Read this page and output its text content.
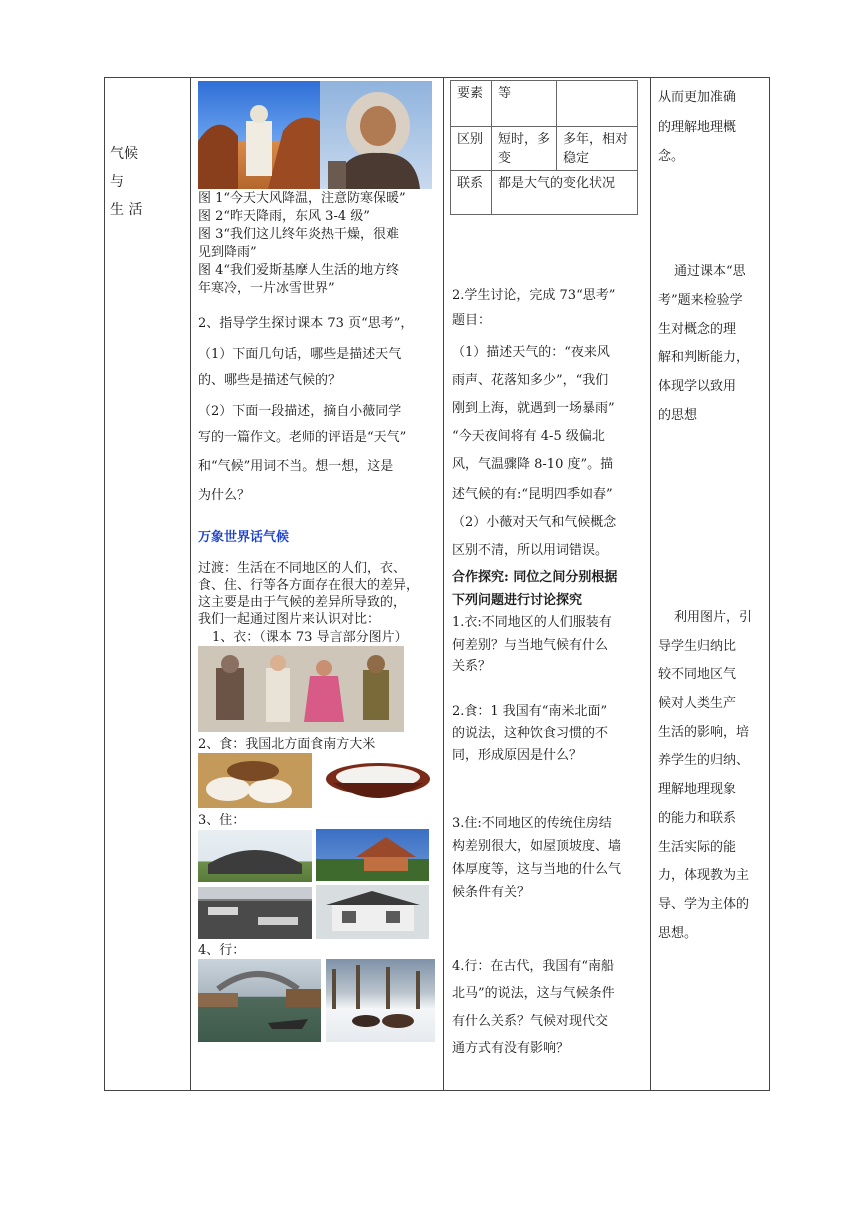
气候
与
生 活
图 1“今天大风降温，注意防寒保暖”
图 2“昨天降雨，东风 3-4 级”
图 3“我们这儿终年炎热干燥，很难
见到降雨”
图 4“我们爱斯基摩人生活的地方终
年寒冷，一片冰雪世界”
2、指导学生探讨课本 73 页“思考”，
（1）下面几句话，哪些是描述天气
的、哪些是描述气候的？
（2）下面一段描述，摘自小薇同学
写的一篇作文。老师的评语是“天气”
和“气候”用词不当。想一想，这是
为什么？
万象世界话气候
过渡：生活在不同地区的人们，衣、
食、住、行等各方面存在很大的差异，
这主要是由于气候的差异所导致的，
我们一起通过图片来认识对比：
1、衣：（课本 73 导言部分图片）
2、食：我国北方面食南方大米
3、住：
4、行：
要素	等	
区别	短时，多变	多年，相对稳定
联系	都是大气的变化状况	
2.学生讨论，完成 73“思考”
题目：
（1）描述天气的：“夜来风
雨声、花落知多少”，“我们
刚到上海，就遇到一场暴雨”
“今天夜间将有 4-5 级偏北
风，气温骤降 8-10 度”。描
述气候的有:“昆明四季如春”
（2）小薇对天气和气候概念
区别不清，所以用词错误。
合作探究: 同位之间分别根据
下列问题进行讨论探究
1.衣:不同地区的人们服装有
何差别？与当地气候有什么
关系？
2.食：1 我国有“南米北面”
的说法，这种饮食习惯的不
同，形成原因是什么？
3.住:不同地区的传统住房结
构差别很大，如屋顶坡度、墙
体厚度等，这与当地的什么气
候条件有关？
4.行：在古代，我国有“南船
北马”的说法，这与气候条件
有什么关系？气候对现代交
通方式有没有影响？
从而更加准确
的理解地理概
念。
通过课本“思
考”题来检验学
生对概念的理
解和判断能力，
体现学以致用
的思想
利用图片，引
导学生归纳比
较不同地区气
候对人类生产
生活的影响，培
养学生的归纳、
理解地理现象
的能力和联系
生活实际的能
力，体现教为主
导、学为主体的
思想。
